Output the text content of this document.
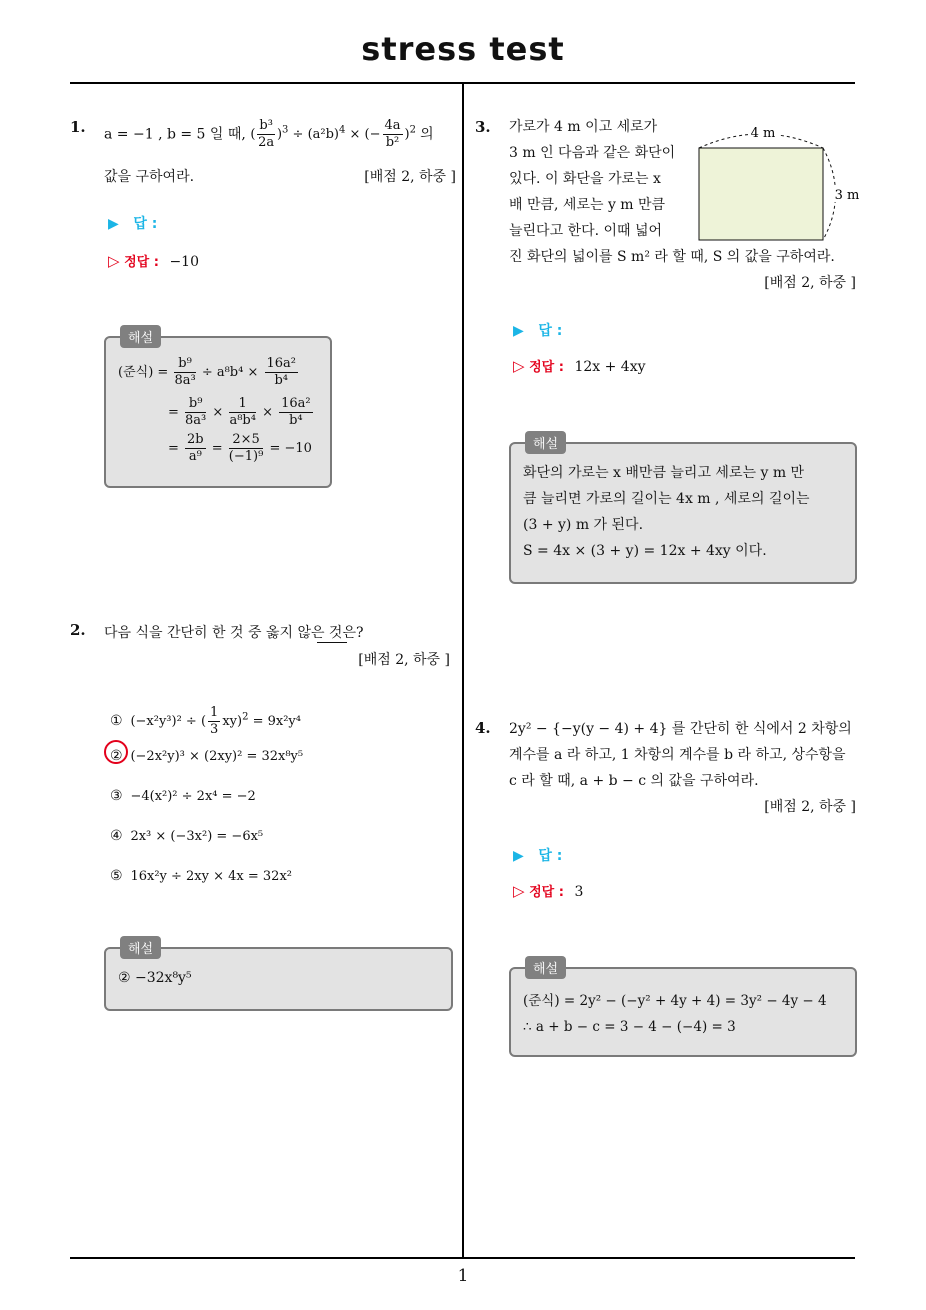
stress test
1
1. a = −1 , b = 5 일 때, ( $\frac{\text{b³}}{2a} )^3 \div (a^2b)^4$ × (− $\frac{4a}{\text{b²}} )^2$ 의
값을 구하여라.	[배점 2, 하중 ]
▶ 답 :
▷ 정답 : −10
해설
(준식) = $\frac{\text{b⁹}}{\text{8a³}} \div a^8b^4 \times \frac{\text{16a²}}{\text{b⁴}}$
= $\frac{\text{b⁹}}{\text{8a³}} \times \frac{1}{\text{a⁸b⁴}} \times \frac{\text{16a²}}{\text{b⁴}}$
= $\frac{2b}{\text{a⁹}} = \frac{2\times 5}{\text{(−1)⁹}} = -10$
2. 다음 식을 간단히 한 것 중 옳지 않은 것은?
[배점 2, 하중 ]
① (−x²y³)² ÷ ( $\frac{1}{3} xy)^2 = 9x^2y^4$
② (−2x²y)³ × (2xy)² = 32x⁸y⁵
③ −4(x²)² ÷ 2x⁴ = −2
④ 2x³ × (−3x²) = −6x⁵
⑤ 16x²y ÷ 2xy × 4x = 32x²
해설
② −32x⁸y⁵
3. 가로가 4 m 이고 세로가
3 m 인 다음과 같은 화단이
있다. 이 화단을 가로는 x
배 만큼, 세로는 y m 만큼
늘린다고 한다. 이때 넓어
진 화단의 넓이를 S m² 라 할 때, S 의 값을 구하여라.
[배점 2, 하중 ]
4 m
3 m
▶ 답 :
▷ 정답 : 12x + 4xy
해설
화단의 가로는 x 배만큼 늘리고 세로는 y m 만
큼 늘리면 가로의 길이는 4x m , 세로의 길이는
(3 + y) m 가 된다.
S = 4x × (3 + y) = 12x + 4xy 이다.
4. 2y² − {−y(y − 4) + 4} 를 간단히 한 식에서 2 차항의
계수를 a 라 하고, 1 차항의 계수를 b 라 하고, 상수항을
c 라 할 때, a + b − c 의 값을 구하여라.
[배점 2, 하중 ]
▶ 답 :
▷ 정답 : 3
해설
(준식) = 2y² − (−y² + 4y + 4) = 3y² − 4y − 4
∴ a + b − c = 3 − 4 − (−4) = 3
